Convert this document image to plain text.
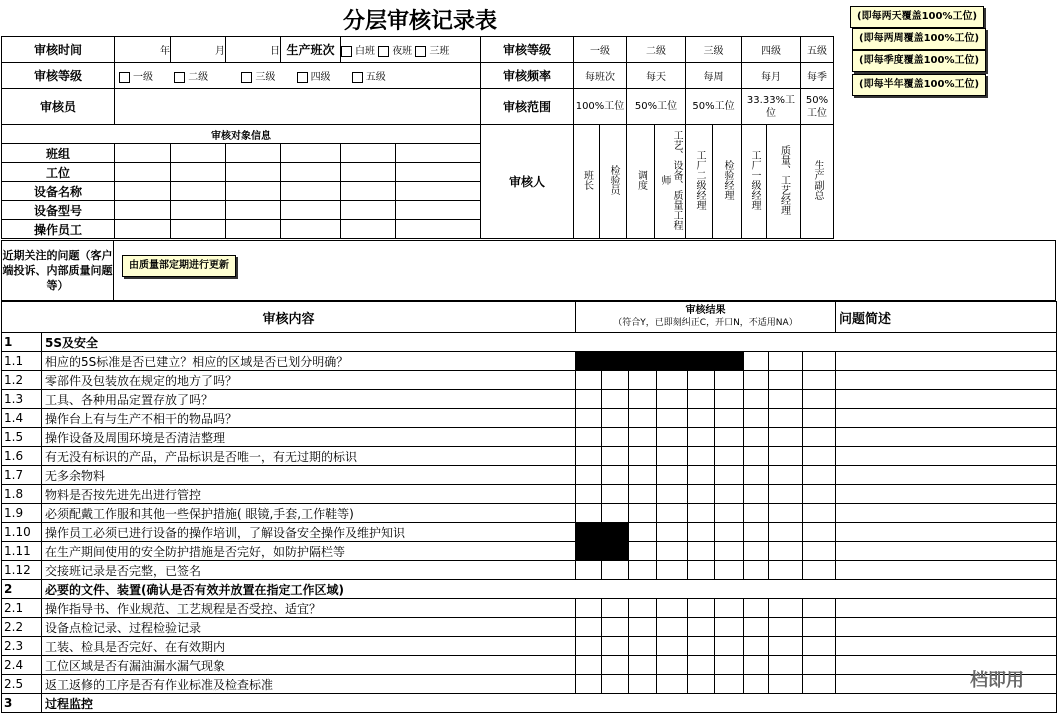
分层审核记录表	(即每两天覆盖100%工位)
(即每两周覆盖100%工位)
(即每季度覆盖100%工位)
(即每半年覆盖100%工位)
审核时间	年	月	日	生产班次	白班 夜班 三班		审核等级	一级		二级		三级		四级		五级
审核等级	一级 二级 三级 四级 五级						审核频率	每班次		每天		每周		每月		每季
审核员							审核范围	100%工位		50%工位		50%工位		33.33%工位		50%工位
审核对象信息							审核人	班长	检验员	调度	工艺、设备、质量工程师	工厂二级经理	检验经理	工厂一级经理	质量、工艺经理	生产副总
班组																
工位																
设备名称																
设备型号																
操作员工																
近期关注的问题（客户端投诉、内部质量问题等）
由质量部定期进行更新
审核内容		审核结果
（符合Y，已即刻纠正C，开口N，不适用NA）									问题简述
1	5S及安全										
1.1	相应的5S标准是否已建立？相应的区域是否已划分明确？										
1.2	零部件及包装放在规定的地方了吗？										
1.3	工具、各种用品定置存放了吗？										
1.4	操作台上有与生产不相干的物品吗？										
1.5	操作设备及周围环境是否清洁整理										
1.6	有无没有标识的产品，产品标识是否唯一，有无过期的标识										
1.7	无多余物料										
1.8	物料是否按先进先出进行管控										
1.9	必须配戴工作服和其他一些保护措施( 眼镜,手套,工作鞋等)										
1.10	操作员工必须已进行设备的操作培训，了解设备安全操作及维护知识										
1.11	在生产期间使用的安全防护措施是否完好，如防护隔栏等										
1.12	交接班记录是否完整，已签名										
2	必要的文件、装置(确认是否有效并放置在指定工作区域)										
2.1	操作指导书、作业规范、工艺规程是否受控、适宜？										
2.2	设备点检记录、过程检验记录										
2.3	工装、检具是否完好、在有效期内										
2.4	工位区域是否有漏油漏水漏气现象										
2.5	返工返修的工序是否有作业标准及检查标准										
3	过程监控										
档即用
